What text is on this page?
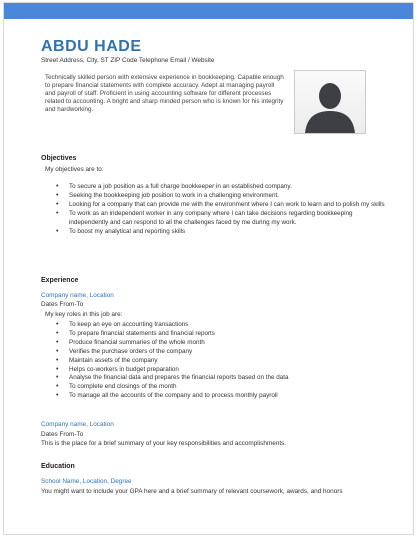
ABDU HADE
Street Address, City, ST ZIP Code Telephone Email / Website
Technically skilled person with extensive experience in bookkeeping. Capable enough to prepare financial statements with complete accuracy. Adept at managing payroll and payroll of staff. Proficient in using accounting software for different processes related to accounting. A bright and sharp minded person who is known for his integrity and hardworking.
Objectives
My objectives are to:
• To secure a job position as a full charge bookkeeper in an established company.
• Seeking the bookkeeping job position to work in a challenging environment.
• Looking for a company that can provide me with the environment where I can work to learn and to polish my skills
• To work as an independent worker in any company where I can take decisions regarding bookkeeping independently and can respond to all the challenges faced by me during my work.
• To boost my analytical and reporting skills
Experience
Company name, Location
Dates From-To
My key roles in this job are:
• To keep an eye on accounting transactions
• To prepare financial statements and financial reports
• Produce financial summaries of the whole month
• Verifies the purchase orders of the company
• Maintain assets of the company
• Helps co-workers in budget preparation
• Analyse the financial data and prepares the financial reports based on the data
• To complete end closings of the month
• To manage all the accounts of the company and to process monthly payroll
Company name, Location
Dates From-To
This is the place for a brief summary of your key responsibilities and accomplishments.
Education
School Name, Location, Degree
You might want to include your GPA here and a brief summary of relevant coursework, awards, and honors
